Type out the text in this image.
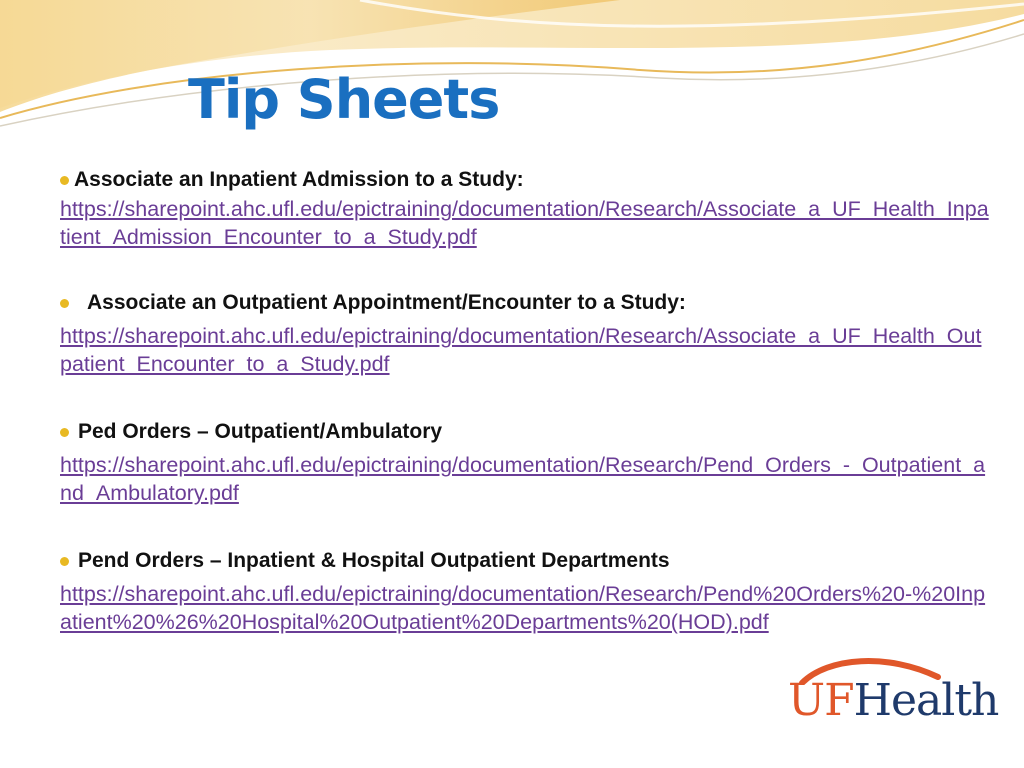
Tip Sheets
Associate an Inpatient Admission to a Study:
https://sharepoint.ahc.ufl.edu/epictraining/documentation/Research/Associate_a_UF_Health_Inpatient_Admission_Encounter_to_a_Study.pdf
Associate an Outpatient Appointment/Encounter to a Study:
https://sharepoint.ahc.ufl.edu/epictraining/documentation/Research/Associate_a_UF_Health_Outpatient_Encounter_to_a_Study.pdf
Ped Orders – Outpatient/Ambulatory
https://sharepoint.ahc.ufl.edu/epictraining/documentation/Research/Pend_Orders_-_Outpatient_and_Ambulatory.pdf
Pend Orders – Inpatient & Hospital Outpatient Departments
https://sharepoint.ahc.ufl.edu/epictraining/documentation/Research/Pend%20Orders%20-%20Inpatient%20%26%20Hospital%20Outpatient%20Departments%20(HOD).pdf
UFHealth
